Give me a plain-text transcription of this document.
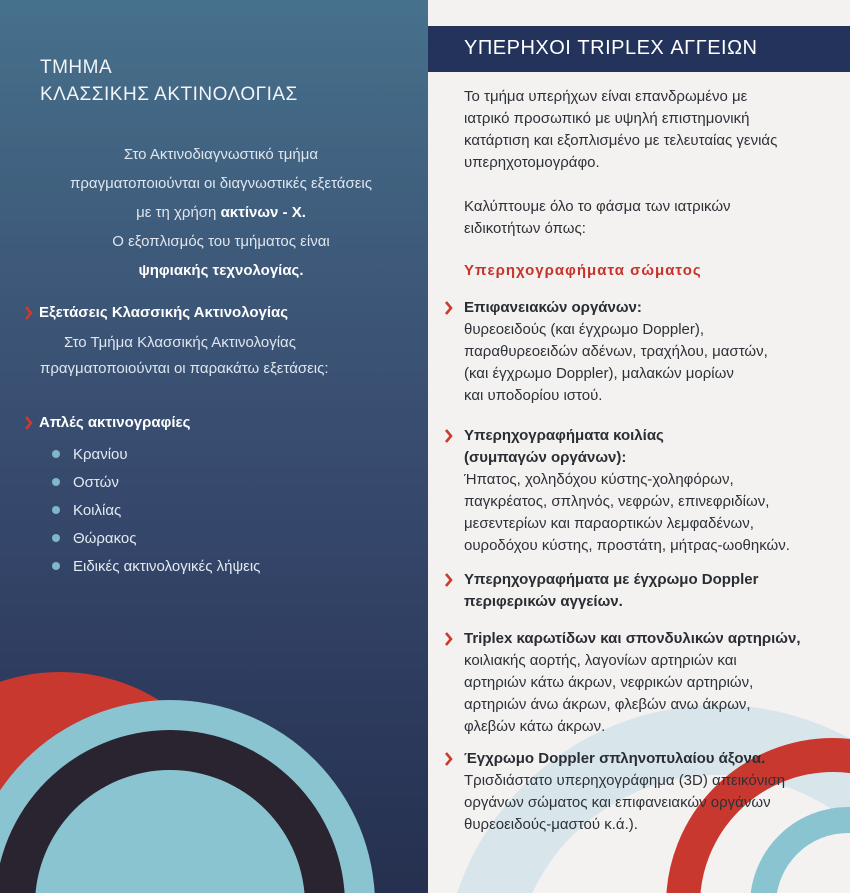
ΤΜΗΜΑ
ΚΛΑΣΣΙΚΗΣ ΑΚΤΙΝΟΛΟΓΙΑΣ
Στο Ακτινοδιαγνωστικό τμήμα
πραγματοποιούνται οι διαγνωστικές εξετάσεις
με τη χρήση ακτίνων - X.
Ο εξοπλισμός του τμήματος είναι
ψηφιακής τεχνολογίας.
Εξετάσεις Κλασσικής Ακτινολογίας
Στο Τμήμα Κλασσικής Ακτινολογίας
πραγματοποιούνται οι παρακάτω εξετάσεις:
Απλές ακτινογραφίες
Κρανίου
Οστών
Κοιλίας
Θώρακος
Ειδικές ακτινολογικές λήψεις
ΥΠΕΡΗΧΟΙ TRIPLEX ΑΓΓΕΙΩΝ
Το τμήμα υπερήχων είναι επανδρωμένο με
ιατρικό προσωπικό με υψηλή επιστημονική
κατάρτιση και εξοπλισμένο με τελευταίας γενιάς
υπερηχοτομογράφο.
Καλύπτουμε όλο το φάσμα των ιατρικών
ειδικοτήτων όπως:
Υπερηχογραφήματα σώματος
Επιφανειακών οργάνων:
θυρεοειδούς (και έγχρωμο Doppler),
παραθυρεοειδών αδένων, τραχήλου, μαστών,
(και έγχρωμο Doppler), μαλακών μορίων
και υποδορίου ιστού.
Υπερηχογραφήματα κοιλίας
(συμπαγών οργάνων):
Ήπατος, χοληδόχου κύστης-χοληφόρων,
παγκρέατος, σπληνός, νεφρών, επινεφριδίων,
μεσεντερίων και παραορτικών λεμφαδένων,
ουροδόχου κύστης, προστάτη, μήτρας-ωοθηκών.
Υπερηχογραφήματα με έγχρωμο Doppler
περιφερικών αγγείων.
Triplex καρωτίδων και σπονδυλικών αρτηριών,
κοιλιακής αορτής, λαγονίων αρτηριών και
αρτηριών κάτω άκρων, νεφρικών αρτηριών,
αρτηριών άνω άκρων, φλεβών ανω άκρων,
φλεβών κάτω άκρων.
Έγχρωμο Doppler σπληνοπυλαίου άξονα.
Τρισδιάστατο υπερηχογράφημα (3D) απεικόνιση
οργάνων σώματος και επιφανειακών οργάνων
θυρεοειδούς-μαστού κ.ά.).
